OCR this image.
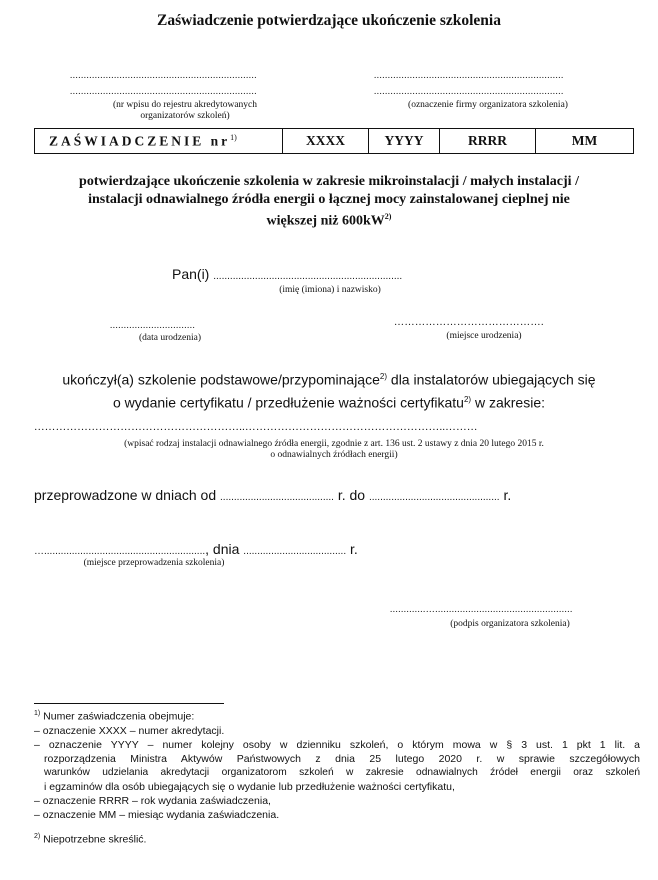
Zaświadczenie potwierdzające ukończenie szkolenia
....................................................................
....................................................................
(nr wpisu do rejestru akredytowanych
organizatorów szkoleń)
.....................................................................
.....................................................................
(oznaczenie firmy organizatora szkolenia)
ZAŚWIADCZENIE $nr^{1)}$	XXXX	YYYY	RRRR	MM
potwierdzające ukończenie szkolenia w zakresie mikroinstalacji / małych instalacji /
instalacji odnawialnego źródła energii o łącznej mocy zainstalowanej cieplnej nie
większej niż $600kW^{2)}$
Pan(i) ....................................................................
(imię (imiona) i nazwisko)
...............................
(data urodzenia)
…………………………………….
(miejsce urodzenia)
ukończył(a) szkolenie podstawowe/przypominające$^{2)}$ dla instalatorów ubiegających się
o wydanie certyfikatu / przedłużenie ważności certyfikatu$^{2)}$ w zakresie:
…………………………………………………..………………………………………………..………
(wpisać rodzaj instalacji odnawialnego źródła energii, zgodnie z art. 136 ust. 2 ustawy z dnia 20 lutego 2015 r.
o odnawialnych źródłach energii)
przeprowadzone w dniach od ......................................... r. do ............................................... r.
….........................................................., dnia ..................................... r.
(miejsce przeprowadzenia szkolenia)
.............…..................................................
(podpis organizatora szkolenia)
$^{1)}$ Numer zaświadczenia obejmuje:
– oznaczenie XXXX – numer akredytacji.
– oznaczenie YYYY – numer kolejny osoby w dzienniku szkoleń, o którym mowa w § 3 ust. 1 pkt 1 lit. a
rozporządzenia Ministra Aktywów Państwowych z dnia 25 lutego 2020 r. w sprawie szczegółowych
warunków udzielania akredytacji organizatorom szkoleń w zakresie odnawialnych źródeł energii oraz szkoleń
i egzaminów dla osób ubiegających się o wydanie lub przedłużenie ważności certyfikatu,
– oznaczenie RRRR – rok wydania zaświadczenia,
– oznaczenie MM – miesiąc wydania zaświadczenia.
$^{2)}$ Niepotrzebne skreślić.
